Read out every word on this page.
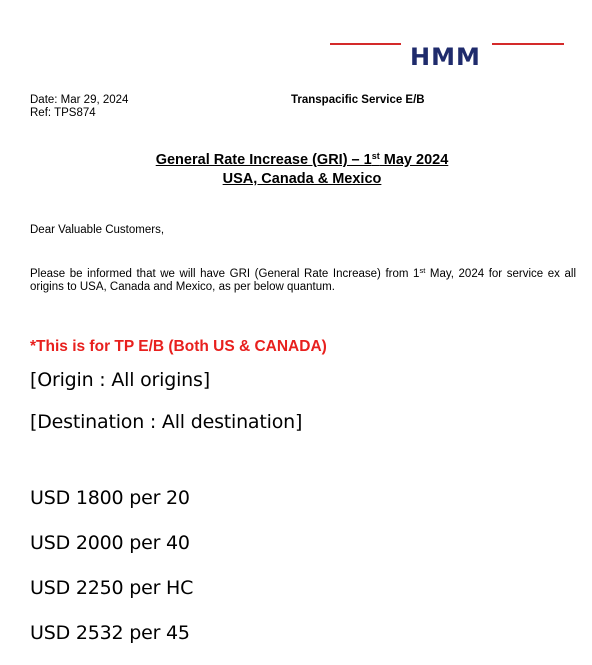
HMM
Date: Mar 29, 2024
Ref: TPS874
Transpacific Service E/B
General Rate Increase (GRI) – 1st May 2024
USA, Canada & Mexico
Dear Valuable Customers,
Please be informed that we will have GRI (General Rate Increase) from 1st May, 2024 for service ex all origins to USA, Canada and Mexico, as per below quantum.
*This is for TP E/B (Both US & CANADA)
[Origin : All origins]
[Destination : All destination]
USD 1800 per 20
USD 2000 per 40
USD 2250 per HC
USD 2532 per 45
